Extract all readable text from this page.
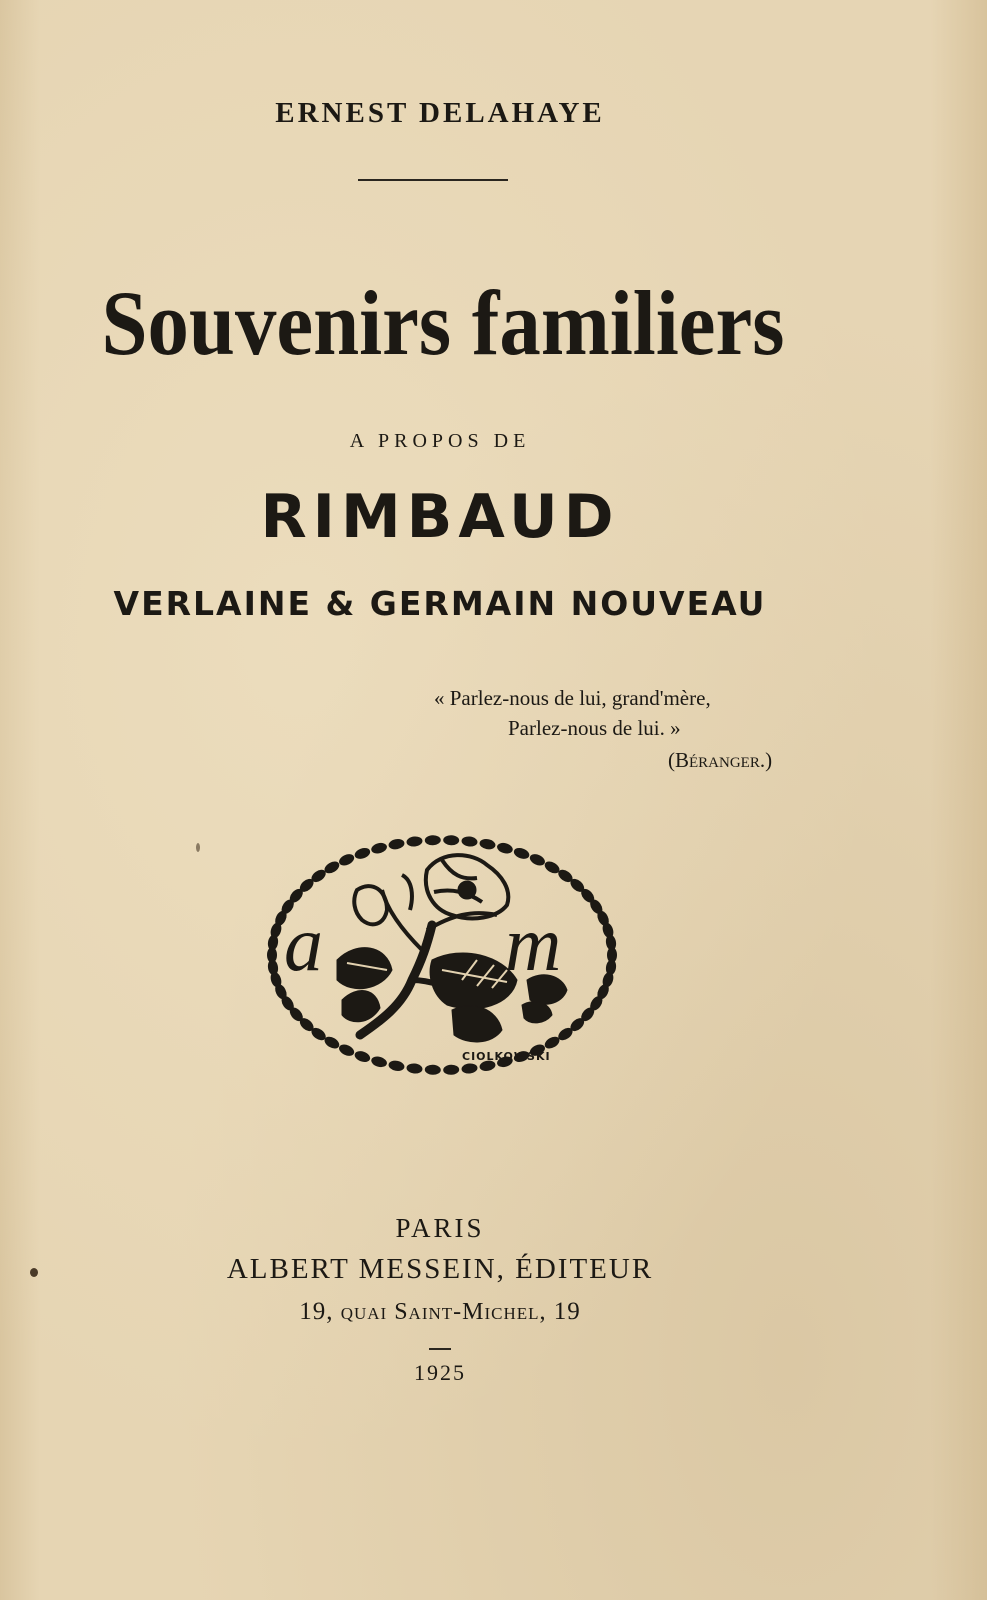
ERNEST DELAHAYE
Souvenirs familiers
A PROPOS DE
RIMBAUD
VERLAINE & GERMAIN NOUVEAU
« Parlez-nous de lui, grand'mère,
Parlez-nous de lui. »
(Béranger.)
a m
CIOLKOWSKI
PARIS
ALBERT MESSEIN, ÉDITEUR
19, quai Saint-Michel, 19
1925
